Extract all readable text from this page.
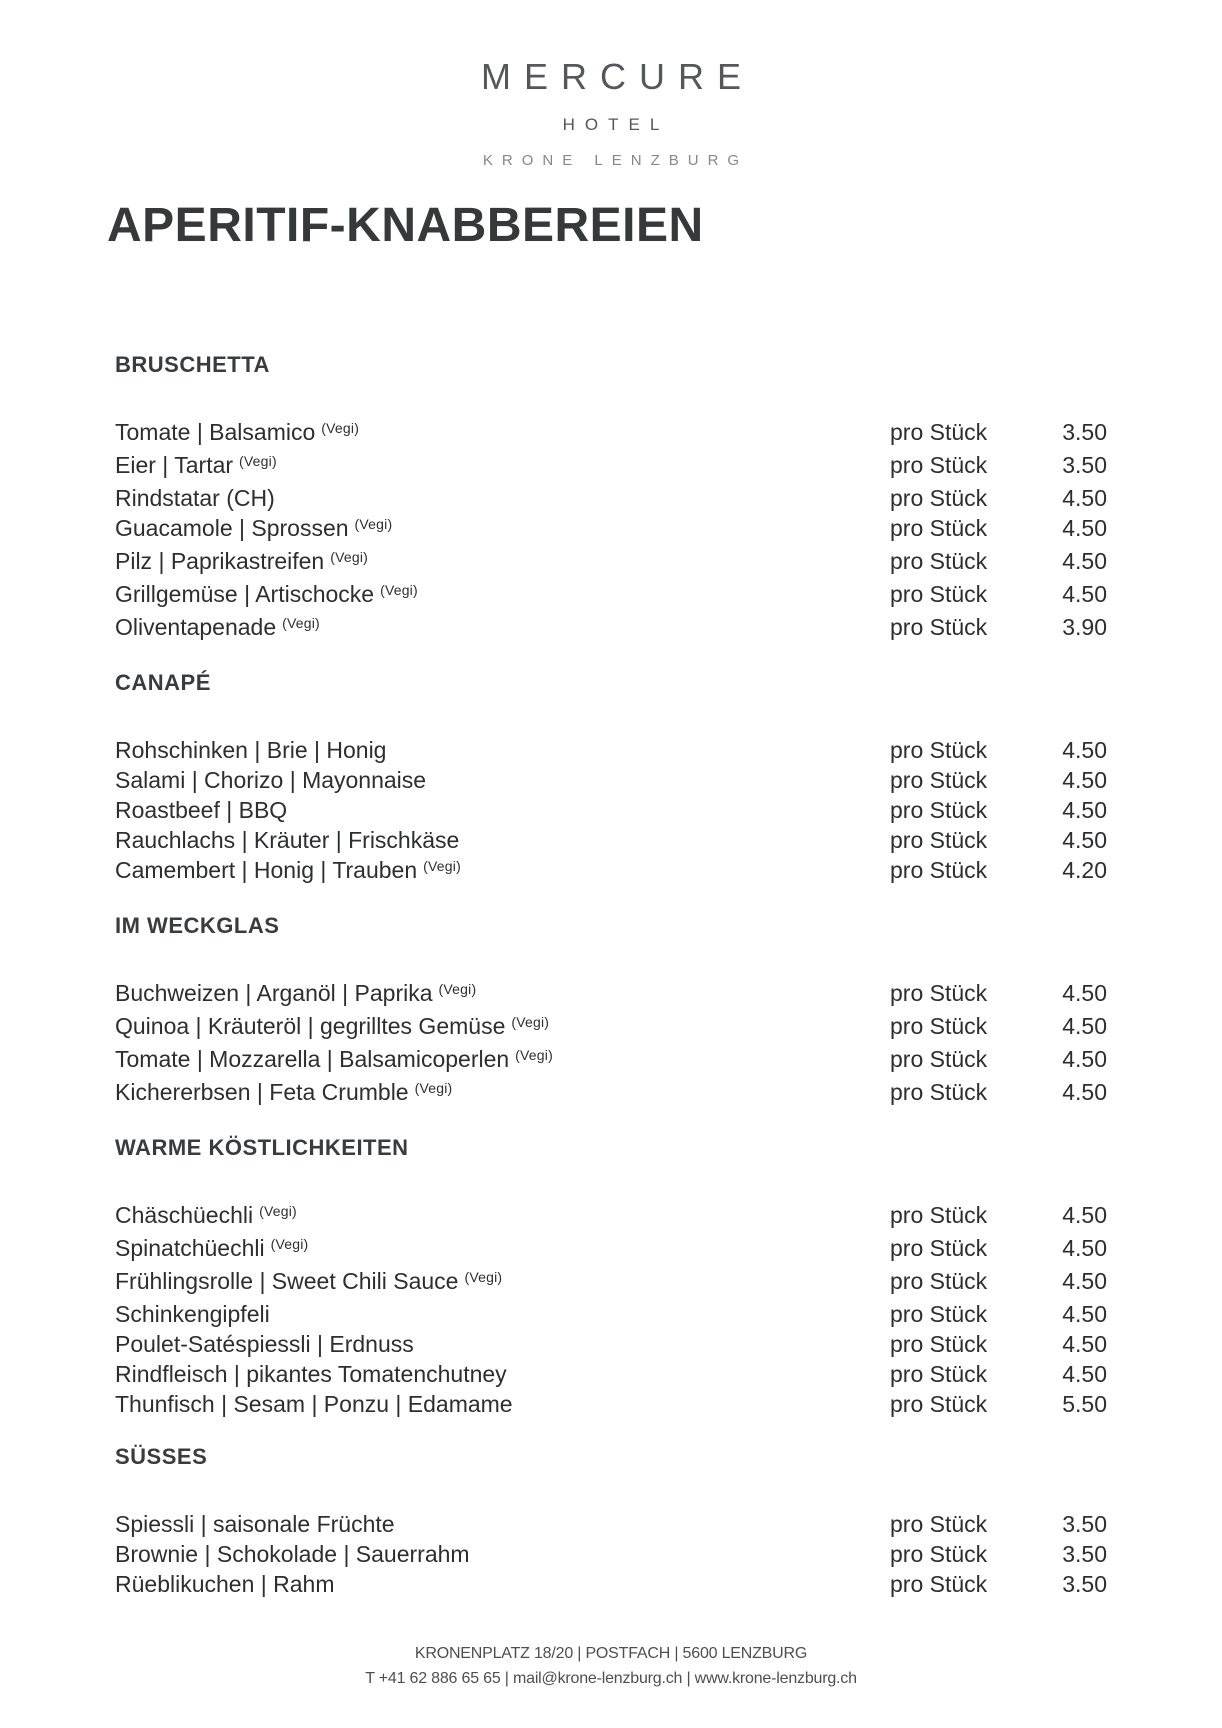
MERCURE
HOTEL
KRONE LENZBURG
APERITIF-KNABBEREIEN
BRUSCHETTA
Tomate | Balsamico $^{(Vegi)}$	pro Stück	3.50
Eier | Tartar $^{(Vegi)}$	pro Stück	3.50
Rindstatar (CH)	pro Stück	4.50
Guacamole | Sprossen $^{(Vegi)}$	pro Stück	4.50
Pilz | Paprikastreifen $^{(Vegi)}$	pro Stück	4.50
Grillgemüse | Artischocke $^{(Vegi)}$	pro Stück	4.50
Oliventapenade $^{(Vegi)}$	pro Stück	3.90
CANAPÉ
Rohschinken | Brie | Honig	pro Stück	4.50
Salami | Chorizo | Mayonnaise	pro Stück	4.50
Roastbeef | BBQ	pro Stück	4.50
Rauchlachs | Kräuter | Frischkäse	pro Stück	4.50
Camembert | Honig | Trauben $^{(Vegi)}$	pro Stück	4.20
IM WECKGLAS
Buchweizen | Arganöl | Paprika $^{(Vegi)}$	pro Stück	4.50
Quinoa | Kräuteröl | gegrilltes Gemüse $^{(Vegi)}$	pro Stück	4.50
Tomate | Mozzarella | Balsamicoperlen $^{(Vegi)}$	pro Stück	4.50
Kichererbsen | Feta Crumble $^{(Vegi)}$	pro Stück	4.50
WARME KÖSTLICHKEITEN
Chäschüechli $^{(Vegi)}$	pro Stück	4.50
Spinatchüechli $^{(Vegi)}$	pro Stück	4.50
Frühlingsrolle | Sweet Chili Sauce $^{(Vegi)}$	pro Stück	4.50
Schinkengipfeli	pro Stück	4.50
Poulet-Satéspiessli | Erdnuss	pro Stück	4.50
Rindfleisch | pikantes Tomatenchutney	pro Stück	4.50
Thunfisch | Sesam | Ponzu | Edamame	pro Stück	5.50
SÜSSES
Spiessli | saisonale Früchte	pro Stück	3.50
Brownie | Schokolade | Sauerrahm	pro Stück	3.50
Rüeblikuchen | Rahm	pro Stück	3.50
KRONENPLATZ 18/20 | POSTFACH | 5600 LENZBURG
T +41 62 886 65 65 | mail@krone-lenzburg.ch | www.krone-lenzburg.ch
